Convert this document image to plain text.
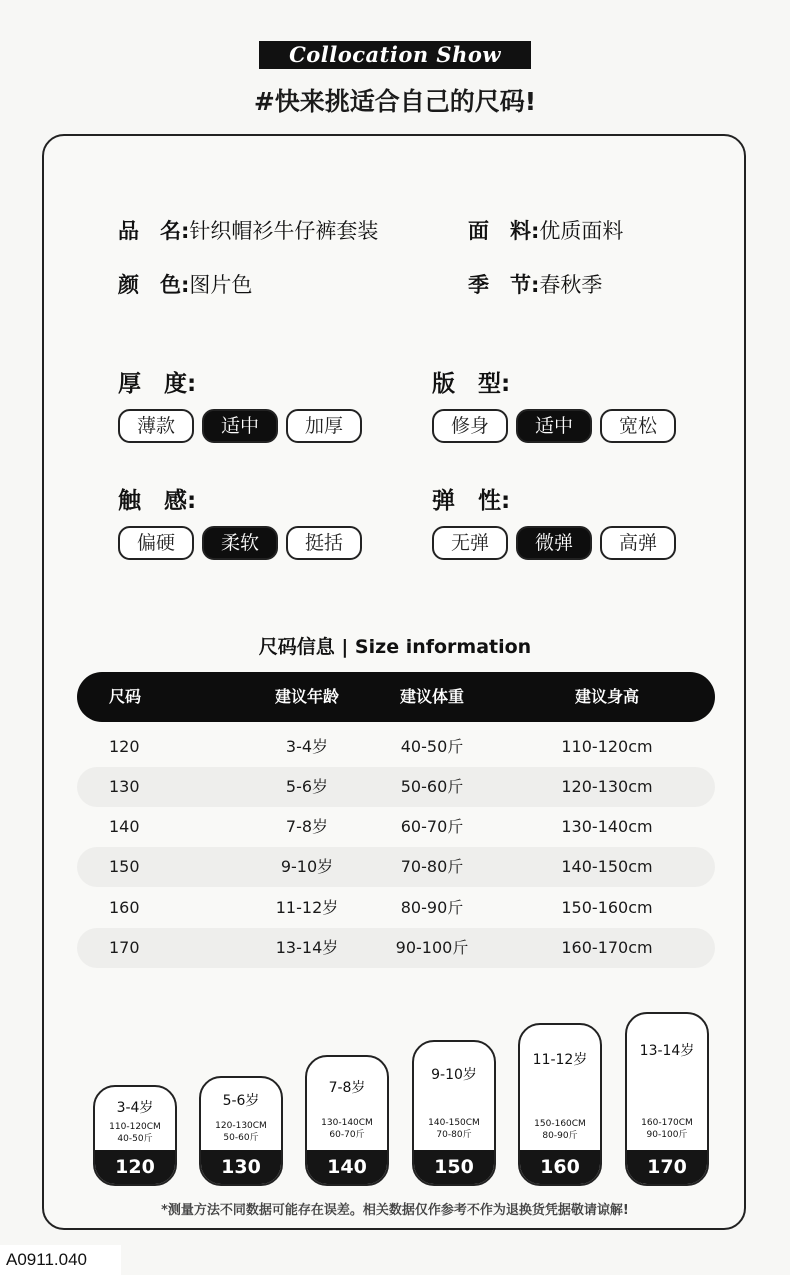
Collocation Show
#快来挑适合自己的尺码!
品　名:针织帽衫牛仔裤套装	面　料:优质面料
颜　色:图片色	季　节:春秋季
厚　度:
薄款	适中	加厚
版　型:
修身	适中	宽松
触　感:
偏硬	柔软	挺括
弹　性:
无弹	微弹	高弹
尺码信息 | Size information
尺码	建议年龄	建议体重	建议身高
120	3-4岁	40-50斤	110-120cm
130	5-6岁	50-60斤	120-130cm
140	7-8岁	60-70斤	130-140cm
150	9-10岁	70-80斤	140-150cm
160	11-12岁	80-90斤	150-160cm
170	13-14岁	90-100斤	160-170cm
3-4岁
110-120CM
40-50斤
120
5-6岁
120-130CM
50-60斤
130
7-8岁
130-140CM
60-70斤
140
9-10岁
140-150CM
70-80斤
150
11-12岁
150-160CM
80-90斤
160
13-14岁
160-170CM
90-100斤
170
*测量方法不同数据可能存在误差。相关数据仅作参考不作为退换货凭据敬请谅解!
A0911.040
